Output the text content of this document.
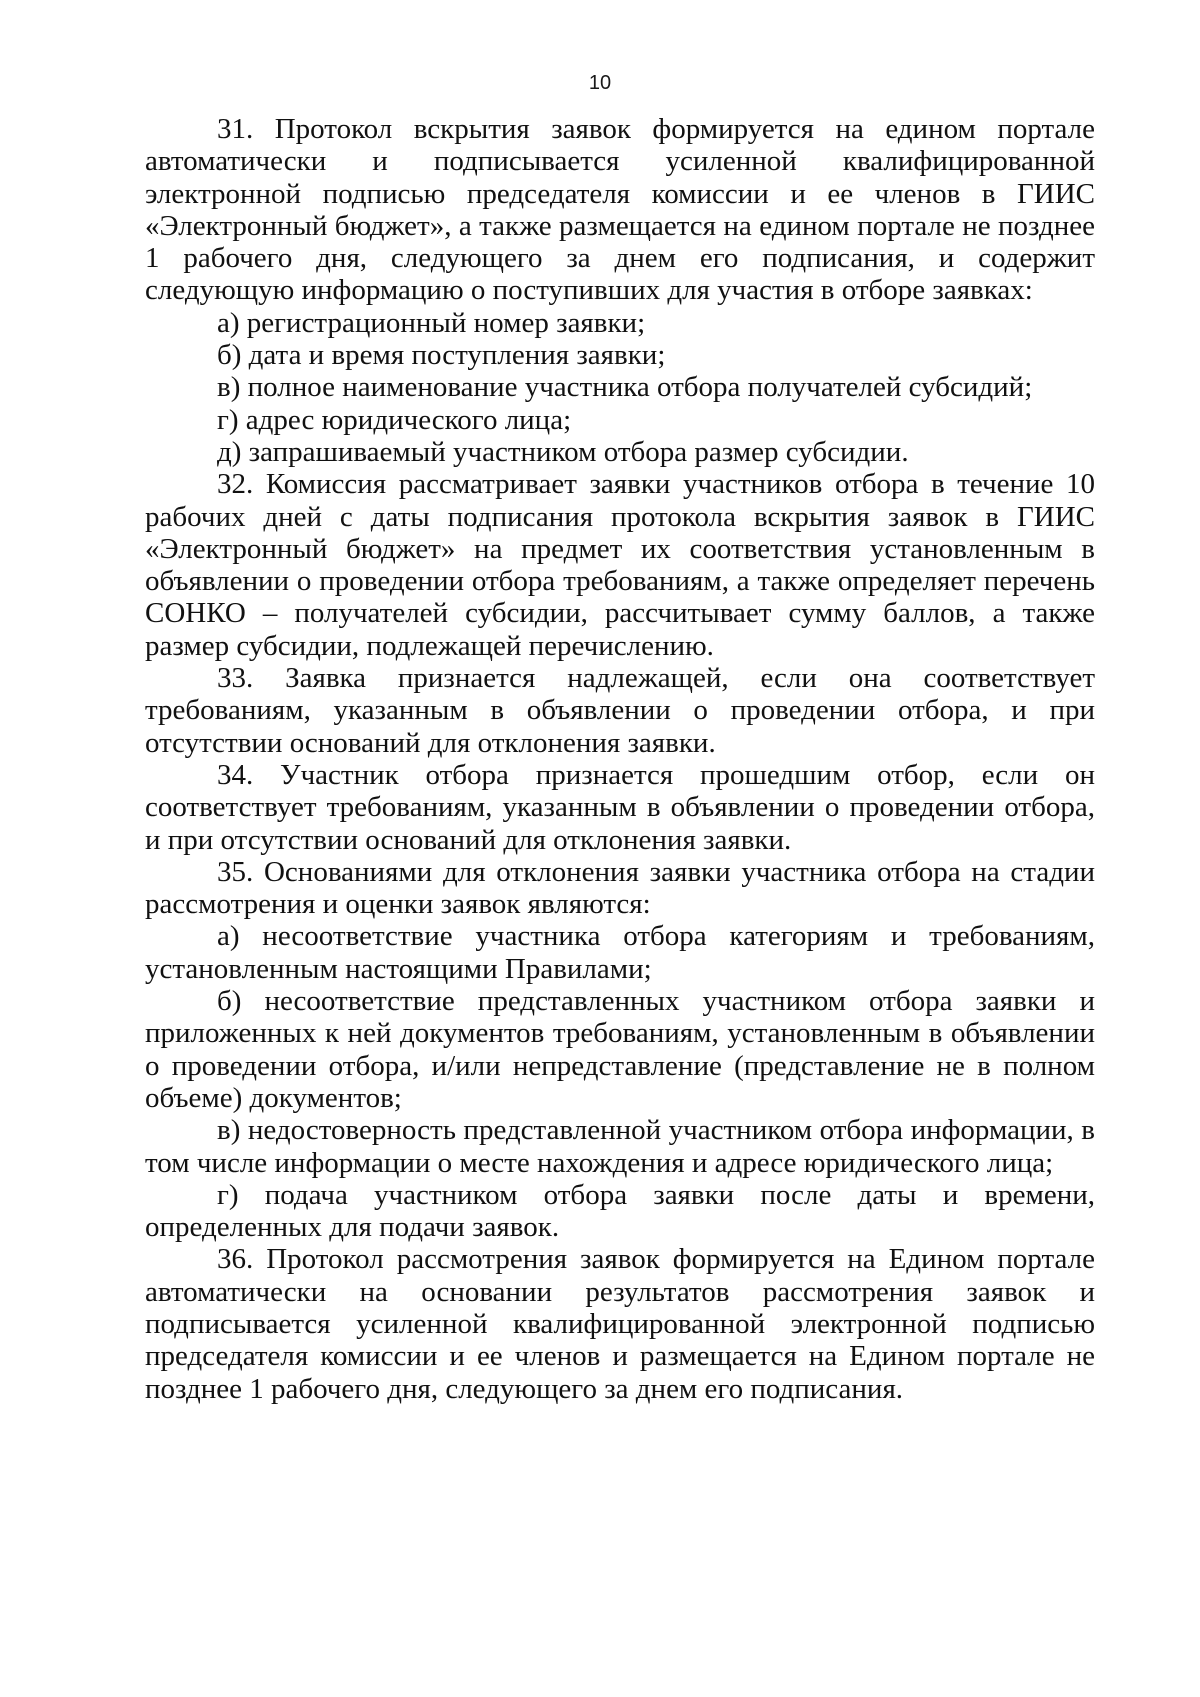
10

31. Протокол вскрытия заявок формируется на едином портале автоматически и подписывается усиленной квалифицированной электронной подписью председателя комиссии и ее членов в ГИИС «Электронный бюджет», а также размещается на едином портале не позднее 1 рабочего дня, следующего за днем его подписания, и содержит следующую информацию о поступивших для участия в отборе заявках:

а) регистрационный номер заявки;

б) дата и время поступления заявки;

в) полное наименование участника отбора получателей субсидий;

г) адрес юридического лица;

д) запрашиваемый участником отбора размер субсидии.

32. Комиссия рассматривает заявки участников отбора в течение 10 рабочих дней с даты подписания протокола вскрытия заявок в ГИИС «Электронный бюджет» на предмет их соответствия установленным в объявлении о проведении отбора требованиям, а также определяет перечень СОНКО – получателей субсидии, рассчитывает сумму баллов, а также размер субсидии, подлежащей перечислению.

33. Заявка признается надлежащей, если она соответствует требованиям, указанным в объявлении о проведении отбора, и при отсутствии оснований для отклонения заявки.

34. Участник отбора признается прошедшим отбор, если он соответствует требованиям, указанным в объявлении о проведении отбора, и при отсутствии оснований для отклонения заявки.

35. Основаниями для отклонения заявки участника отбора на стадии рассмотрения и оценки заявок являются:

а) несоответствие участника отбора категориям и требованиям, установленным настоящими Правилами;

б) несоответствие представленных участником отбора заявки и приложенных к ней документов требованиям, установленным в объявлении о проведении отбора, и/или непредставление (представление не в полном объеме) документов;

в) недостоверность представленной участником отбора информации, в том числе информации о месте нахождения и адресе юридического лица;

г) подача участником отбора заявки после даты и времени, определенных для подачи заявок.

36. Протокол рассмотрения заявок формируется на Едином портале автоматически на основании результатов рассмотрения заявок и подписывается усиленной квалифицированной электронной подписью председателя комиссии и ее членов и размещается на Едином портале не позднее 1 рабочего дня, следующего за днем его подписания.
